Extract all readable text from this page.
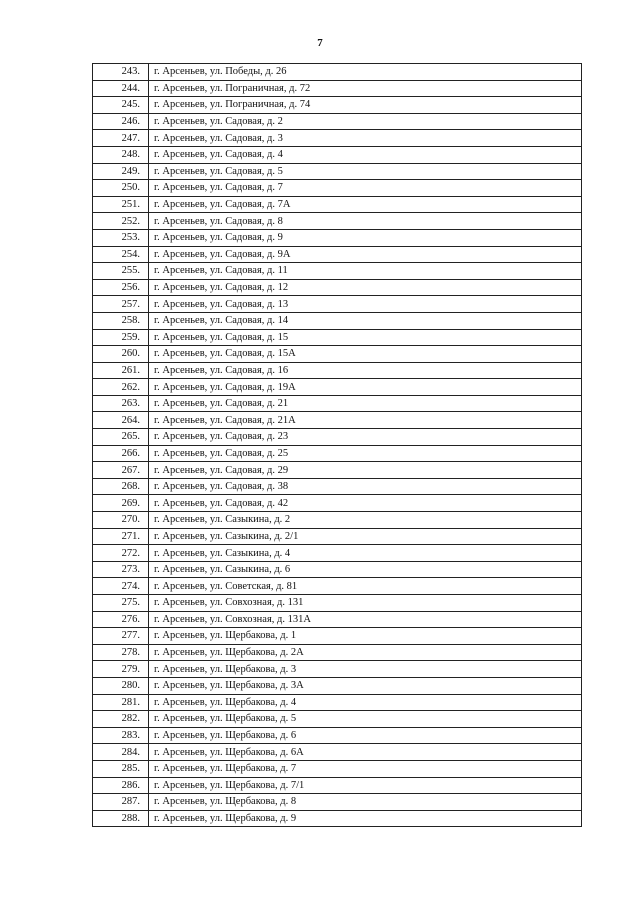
7
243.	г. Арсеньев, ул. Победы, д. 26
244.	г. Арсеньев, ул. Пограничная, д. 72
245.	г. Арсеньев, ул. Пограничная, д. 74
246.	г. Арсеньев, ул. Садовая, д. 2
247.	г. Арсеньев, ул. Садовая, д. 3
248.	г. Арсеньев, ул. Садовая, д. 4
249.	г. Арсеньев, ул. Садовая, д. 5
250.	г. Арсеньев, ул. Садовая, д. 7
251.	г. Арсеньев, ул. Садовая, д. 7А
252.	г. Арсеньев, ул. Садовая, д. 8
253.	г. Арсеньев, ул. Садовая, д. 9
254.	г. Арсеньев, ул. Садовая, д. 9А
255.	г. Арсеньев, ул. Садовая, д. 11
256.	г. Арсеньев, ул. Садовая, д. 12
257.	г. Арсеньев, ул. Садовая, д. 13
258.	г. Арсеньев, ул. Садовая, д. 14
259.	г. Арсеньев, ул. Садовая, д. 15
260.	г. Арсеньев, ул. Садовая, д. 15А
261.	г. Арсеньев, ул. Садовая, д. 16
262.	г. Арсеньев, ул. Садовая, д. 19А
263.	г. Арсеньев, ул. Садовая, д. 21
264.	г. Арсеньев, ул. Садовая, д. 21А
265.	г. Арсеньев, ул. Садовая, д. 23
266.	г. Арсеньев, ул. Садовая, д. 25
267.	г. Арсеньев, ул. Садовая, д. 29
268.	г. Арсеньев, ул. Садовая, д. 38
269.	г. Арсеньев, ул. Садовая, д. 42
270.	г. Арсеньев, ул. Сазыкина, д. 2
271.	г. Арсеньев, ул. Сазыкина, д. 2/1
272.	г. Арсеньев, ул. Сазыкина, д. 4
273.	г. Арсеньев, ул. Сазыкина, д. 6
274.	г. Арсеньев, ул. Советская, д. 81
275.	г. Арсеньев, ул. Совхозная, д. 131
276.	г. Арсеньев, ул. Совхозная, д. 131А
277.	г. Арсеньев, ул. Щербакова, д. 1
278.	г. Арсеньев, ул. Щербакова, д. 2А
279.	г. Арсеньев, ул. Щербакова, д. 3
280.	г. Арсеньев, ул. Щербакова, д. 3А
281.	г. Арсеньев, ул. Щербакова, д. 4
282.	г. Арсеньев, ул. Щербакова, д. 5
283.	г. Арсеньев, ул. Щербакова, д. 6
284.	г. Арсеньев, ул. Щербакова, д. 6А
285.	г. Арсеньев, ул. Щербакова, д. 7
286.	г. Арсеньев, ул. Щербакова, д. 7/1
287.	г. Арсеньев, ул. Щербакова, д. 8
288.	г. Арсеньев, ул. Щербакова, д. 9
